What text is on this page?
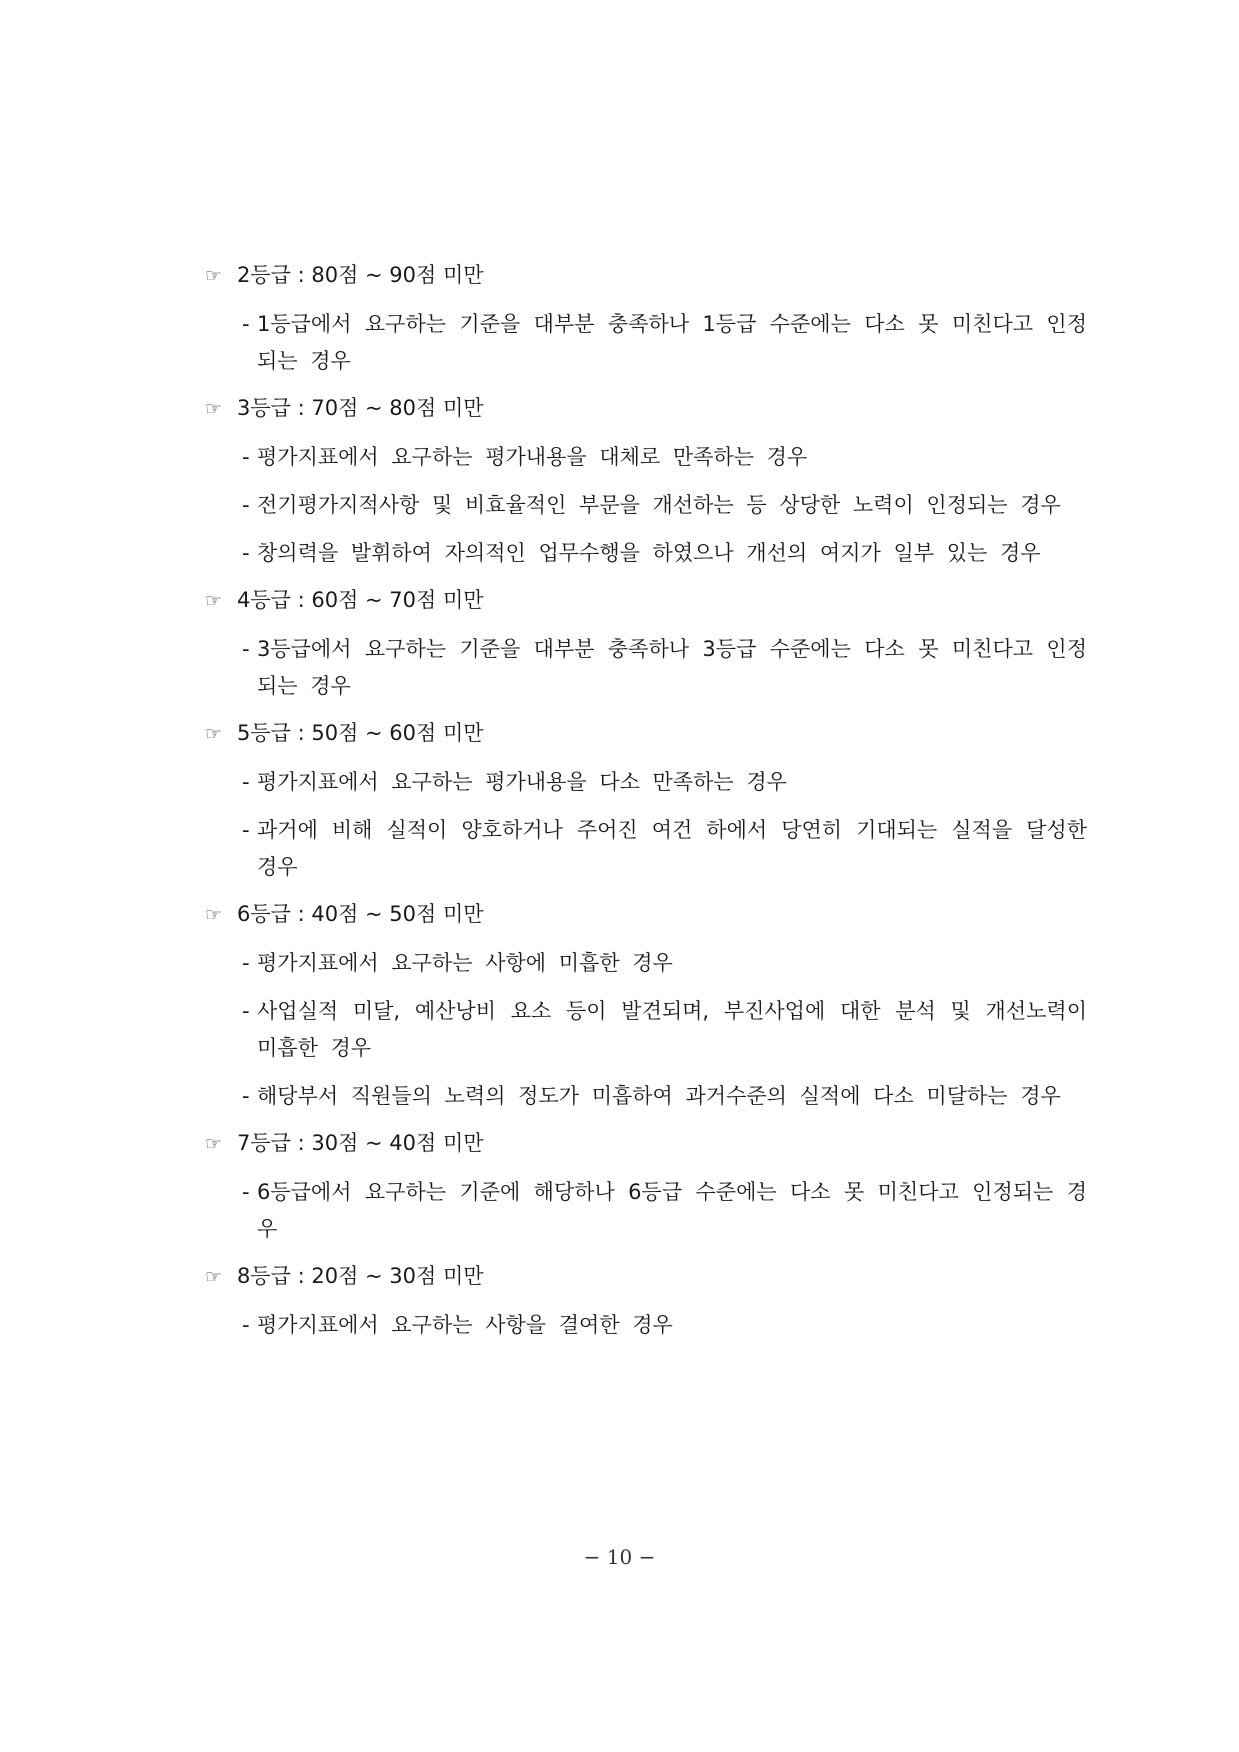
☞ 2등급 : 80점 ~ 90점 미만
- 1등급에서 요구하는 기준을 대부분 충족하나 1등급 수준에는 다소 못 미친다고 인정되는 경우
☞ 3등급 : 70점 ~ 80점 미만
- 평가지표에서 요구하는 평가내용을 대체로 만족하는 경우
- 전기평가지적사항 및 비효율적인 부문을 개선하는 등 상당한 노력이 인정되는 경우
- 창의력을 발휘하여 자의적인 업무수행을 하였으나 개선의 여지가 일부 있는 경우
☞ 4등급 : 60점 ~ 70점 미만
- 3등급에서 요구하는 기준을 대부분 충족하나 3등급 수준에는 다소 못 미친다고 인정되는 경우
☞ 5등급 : 50점 ~ 60점 미만
- 평가지표에서 요구하는 평가내용을 다소 만족하는 경우
- 과거에 비해 실적이 양호하거나 주어진 여건 하에서 당연히 기대되는 실적을 달성한 경우
☞ 6등급 : 40점 ~ 50점 미만
- 평가지표에서 요구하는 사항에 미흡한 경우
- 사업실적 미달, 예산낭비 요소 등이 발견되며, 부진사업에 대한 분석 및 개선노력이 미흡한 경우
- 해당부서 직원들의 노력의 정도가 미흡하여 과거수준의 실적에 다소 미달하는 경우
☞ 7등급 : 30점 ~ 40점 미만
- 6등급에서 요구하는 기준에 해당하나 6등급 수준에는 다소 못 미친다고 인정되는 경우
☞ 8등급 : 20점 ~ 30점 미만
- 평가지표에서 요구하는 사항을 결여한 경우
− 10 −
